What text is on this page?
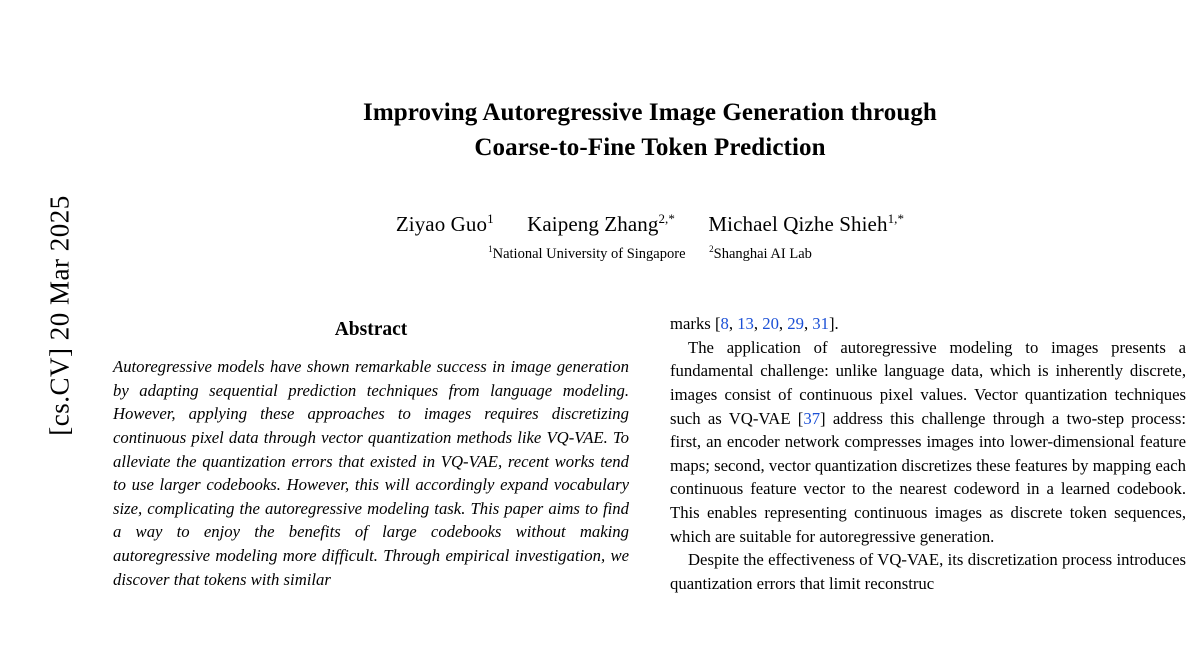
[cs.CV] 20 Mar 2025
Improving Autoregressive Image Generation through
Coarse-to-Fine Token Prediction
Ziyao Guo$^1$ Kaipeng Zhang$^{2,*}$ Michael Qizhe Shieh$^{1,*}$
$^1$National University of Singapore	$^2$Shanghai AI Lab
Abstract
Autoregressive models have shown remarkable success in image generation by adapting sequential prediction techniques from language modeling. However, applying these approaches to images requires discretizing continuous pixel data through vector quantization methods like VQ-VAE. To alleviate the quantization errors that existed in VQ-VAE, recent works tend to use larger codebooks. However, this will accordingly expand vocabulary size, complicating the autoregressive modeling task. This paper aims to find a way to enjoy the benefits of large codebooks without making autoregressive modeling more difficult. Through empirical investigation, we discover that tokens with similar

marks [8, 13, 20, 29, 31].

The application of autoregressive modeling to images presents a fundamental challenge: unlike language data, which is inherently discrete, images consist of continuous pixel values. Vector quantization techniques such as VQ-VAE [37] address this challenge through a two-step process: first, an encoder network compresses images into lower-dimensional feature maps; second, vector quantization discretizes these features by mapping each continuous feature vector to the nearest codeword in a learned codebook. This enables representing continuous images as discrete token sequences, which are suitable for autoregressive generation.

Despite the effectiveness of VQ-VAE, its discretization process introduces quantization errors that limit reconstruc
